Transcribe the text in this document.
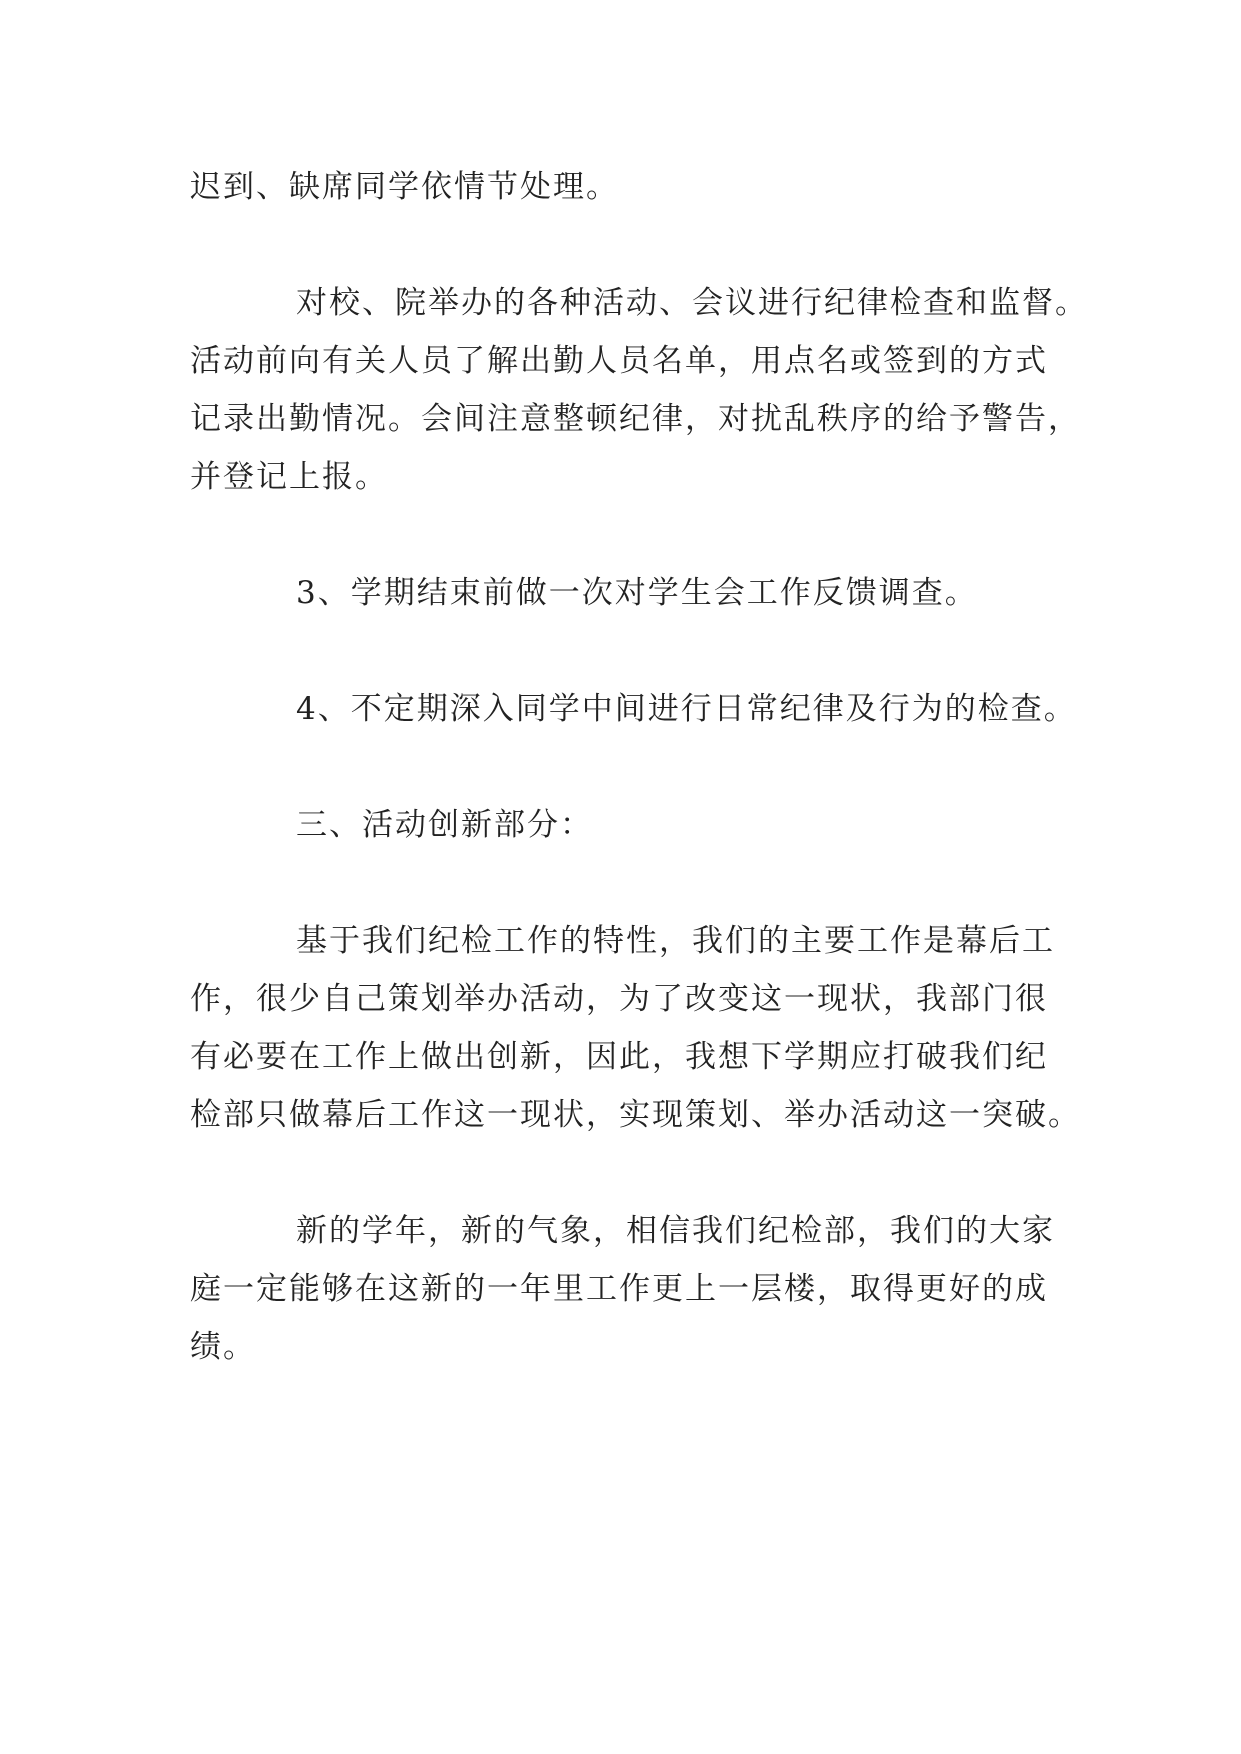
迟到、缺席同学依情节处理。

对校、院举办的各种活动、会议进行纪律检查和监督。
活动前向有关人员了解出勤人员名单，用点名或签到的方式
记录出勤情况。会间注意整顿纪律，对扰乱秩序的给予警告，
并登记上报。

3、学期结束前做一次对学生会工作反馈调查。

4、不定期深入同学中间进行日常纪律及行为的检查。

三、活动创新部分：

基于我们纪检工作的特性，我们的主要工作是幕后工
作，很少自己策划举办活动，为了改变这一现状，我部门很
有必要在工作上做出创新，因此，我想下学期应打破我们纪
检部只做幕后工作这一现状，实现策划、举办活动这一突破。

新的学年，新的气象，相信我们纪检部，我们的大家
庭一定能够在这新的一年里工作更上一层楼，取得更好的成
绩。
